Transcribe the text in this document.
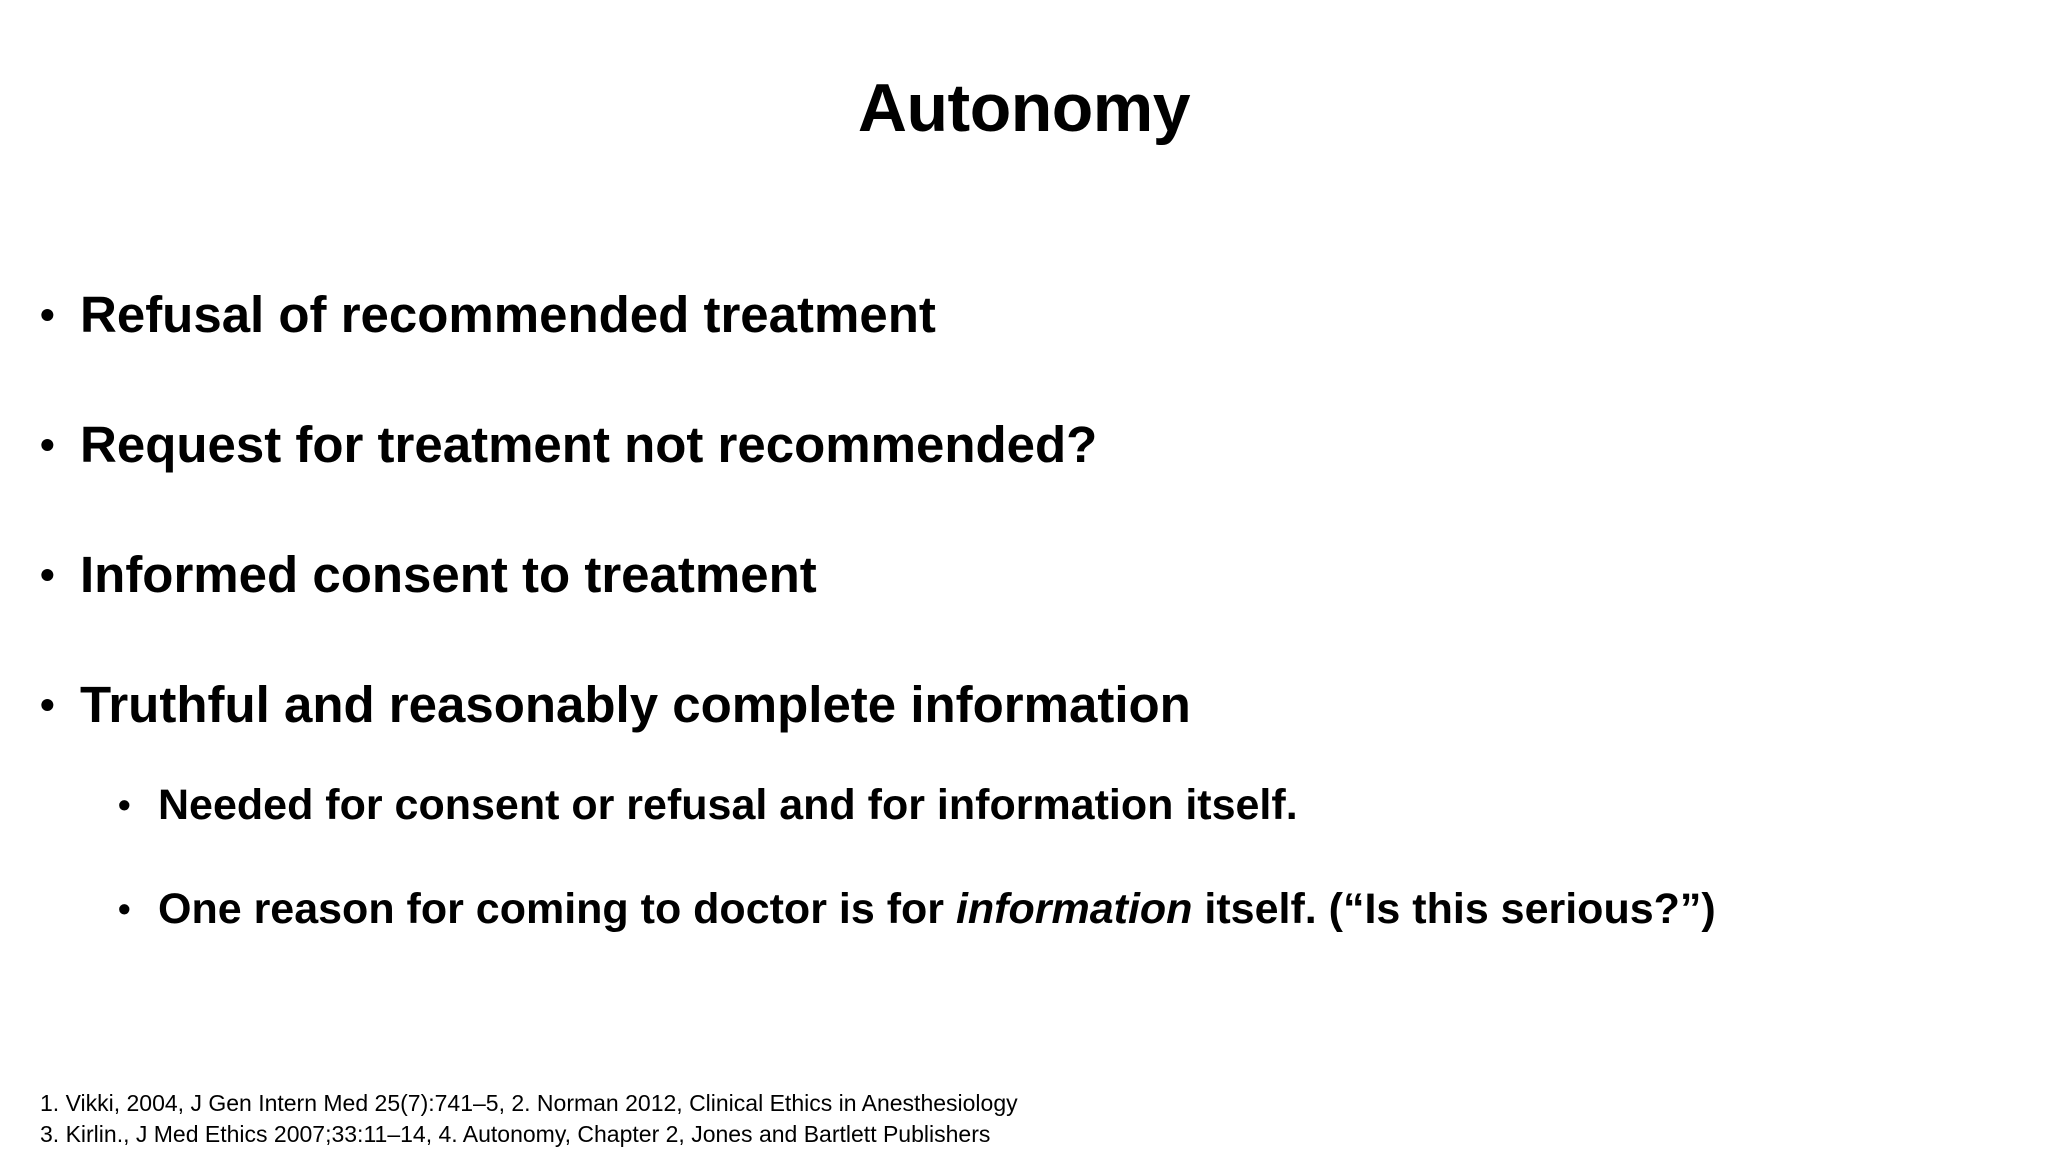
Autonomy
• Refusal of recommended treatment
• Request for treatment not recommended?
• Informed consent to treatment
• Truthful and reasonably complete information
• Needed for consent or refusal and for information itself.
• One reason for coming to doctor is for information itself. (“Is this serious?”)
1. Vikki, 2004, J Gen Intern Med 25(7):741–5, 2. Norman 2012, Clinical Ethics in Anesthesiology
3. Kirlin., J Med Ethics 2007;33:11–14, 4. Autonomy, Chapter 2, Jones and Bartlett Publishers
